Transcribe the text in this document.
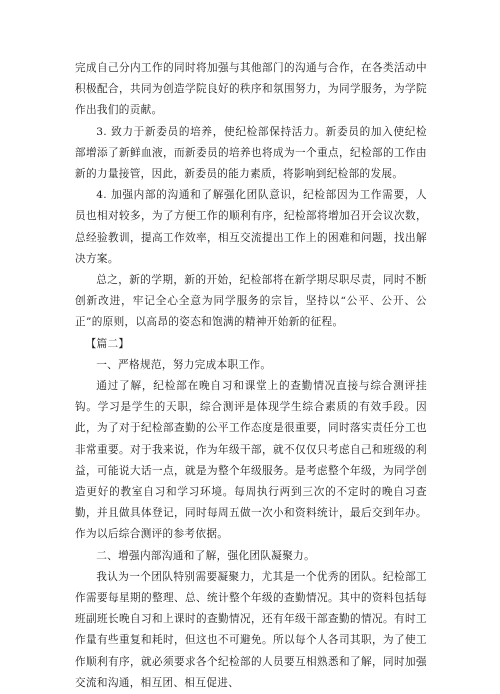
完成自己分内工作的同时将加强与其他部门的沟通与合作，在各类活动中积极配合，共同为创造学院良好的秩序和氛围努力，为同学服务，为学院作出我们的贡献。

3. 致力于新委员的培养，使纪检部保持活力。新委员的加入使纪检部增添了新鲜血液，而新委员的培养也将成为一个重点，纪检部的工作由新的力量接管，因此，新委员的能力素质，将影响到纪检部的发展。

4. 加强内部的沟通和了解强化团队意识，纪检部因为工作需要，人员也相对较多，为了方便工作的顺利有序，纪检部将增加召开会议次数，总经验教训，提高工作效率，相互交流提出工作上的困难和问题，找出解决方案。

总之，新的学期，新的开始，纪检部将在新学期尽职尽责，同时不断创新改进，牢记全心全意为同学服务的宗旨，坚持以“公平、公开、公正”的原则，以高昂的姿态和饱满的精神开始新的征程。

【篇二】

一、严格规范，努力完成本职工作。

通过了解，纪检部在晚自习和课堂上的查勤情况直接与综合测评挂钩。学习是学生的天职，综合测评是体现学生综合素质的有效手段。因此，为了对于纪检部查勤的公平工作态度是很重要，同时落实责任分工也非常重要。对于我来说，作为年级干部，就不仅仅只考虑自己和班级的利益，可能说大话一点，就是为整个年级服务。是考虑整个年级，为同学创造更好的教室自习和学习环境。每周执行两到三次的不定时的晚自习查勤，并且做具体登记，同时每周五做一次小和资料统计，最后交到年办。作为以后综合测评的参考依据。

二、增强内部沟通和了解，强化团队凝聚力。

我认为一个团队特别需要凝聚力，尤其是一个优秀的团队。纪检部工作需要每星期的整理、总、统计整个年级的查勤情况。其中的资料包括每班副班长晚自习和上课时的查勤情况，还有年级干部查勤的情况。有时工作量有些重复和耗时，但这也不可避免。所以每个人各司其职，为了使工作顺利有序，就必须要求各个纪检部的人员要互相熟悉和了解，同时加强交流和沟通，相互团、相互促进、
